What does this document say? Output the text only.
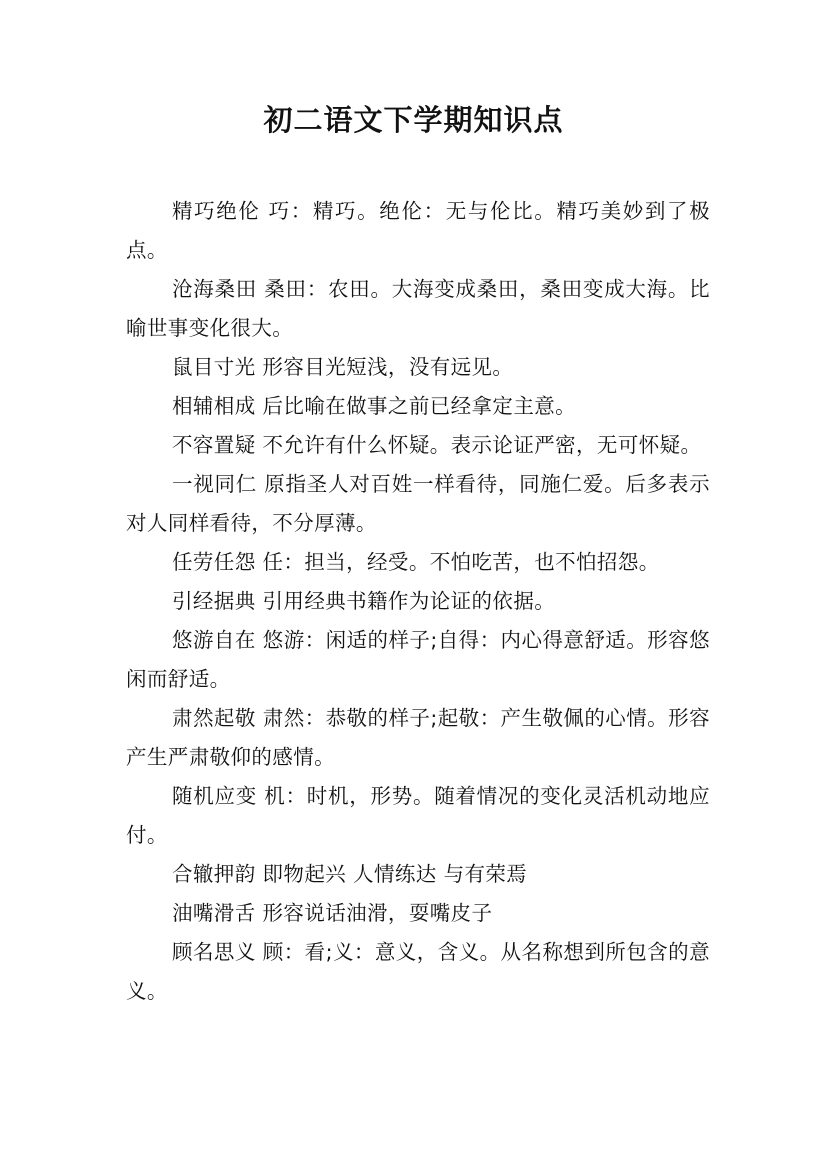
初二语文下学期知识点

精巧绝伦 巧：精巧。绝伦：无与伦比。精巧美妙到了极点。

沧海桑田 桑田：农田。大海变成桑田，桑田变成大海。比喻世事变化很大。

鼠目寸光 形容目光短浅，没有远见。

相辅相成 后比喻在做事之前已经拿定主意。

不容置疑 不允许有什么怀疑。表示论证严密，无可怀疑。

一视同仁 原指圣人对百姓一样看待，同施仁爱。后多表示对人同样看待，不分厚薄。

任劳任怨 任：担当，经受。不怕吃苦，也不怕招怨。

引经据典 引用经典书籍作为论证的依据。

悠游自在 悠游：闲适的样子;自得：内心得意舒适。形容悠闲而舒适。

肃然起敬 肃然：恭敬的样子;起敬：产生敬佩的心情。形容产生严肃敬仰的感情。

随机应变 机：时机，形势。随着情况的变化灵活机动地应付。

合辙押韵 即物起兴 人情练达 与有荣焉

油嘴滑舌 形容说话油滑，耍嘴皮子

顾名思义 顾：看;义：意义，含义。从名称想到所包含的意义。
